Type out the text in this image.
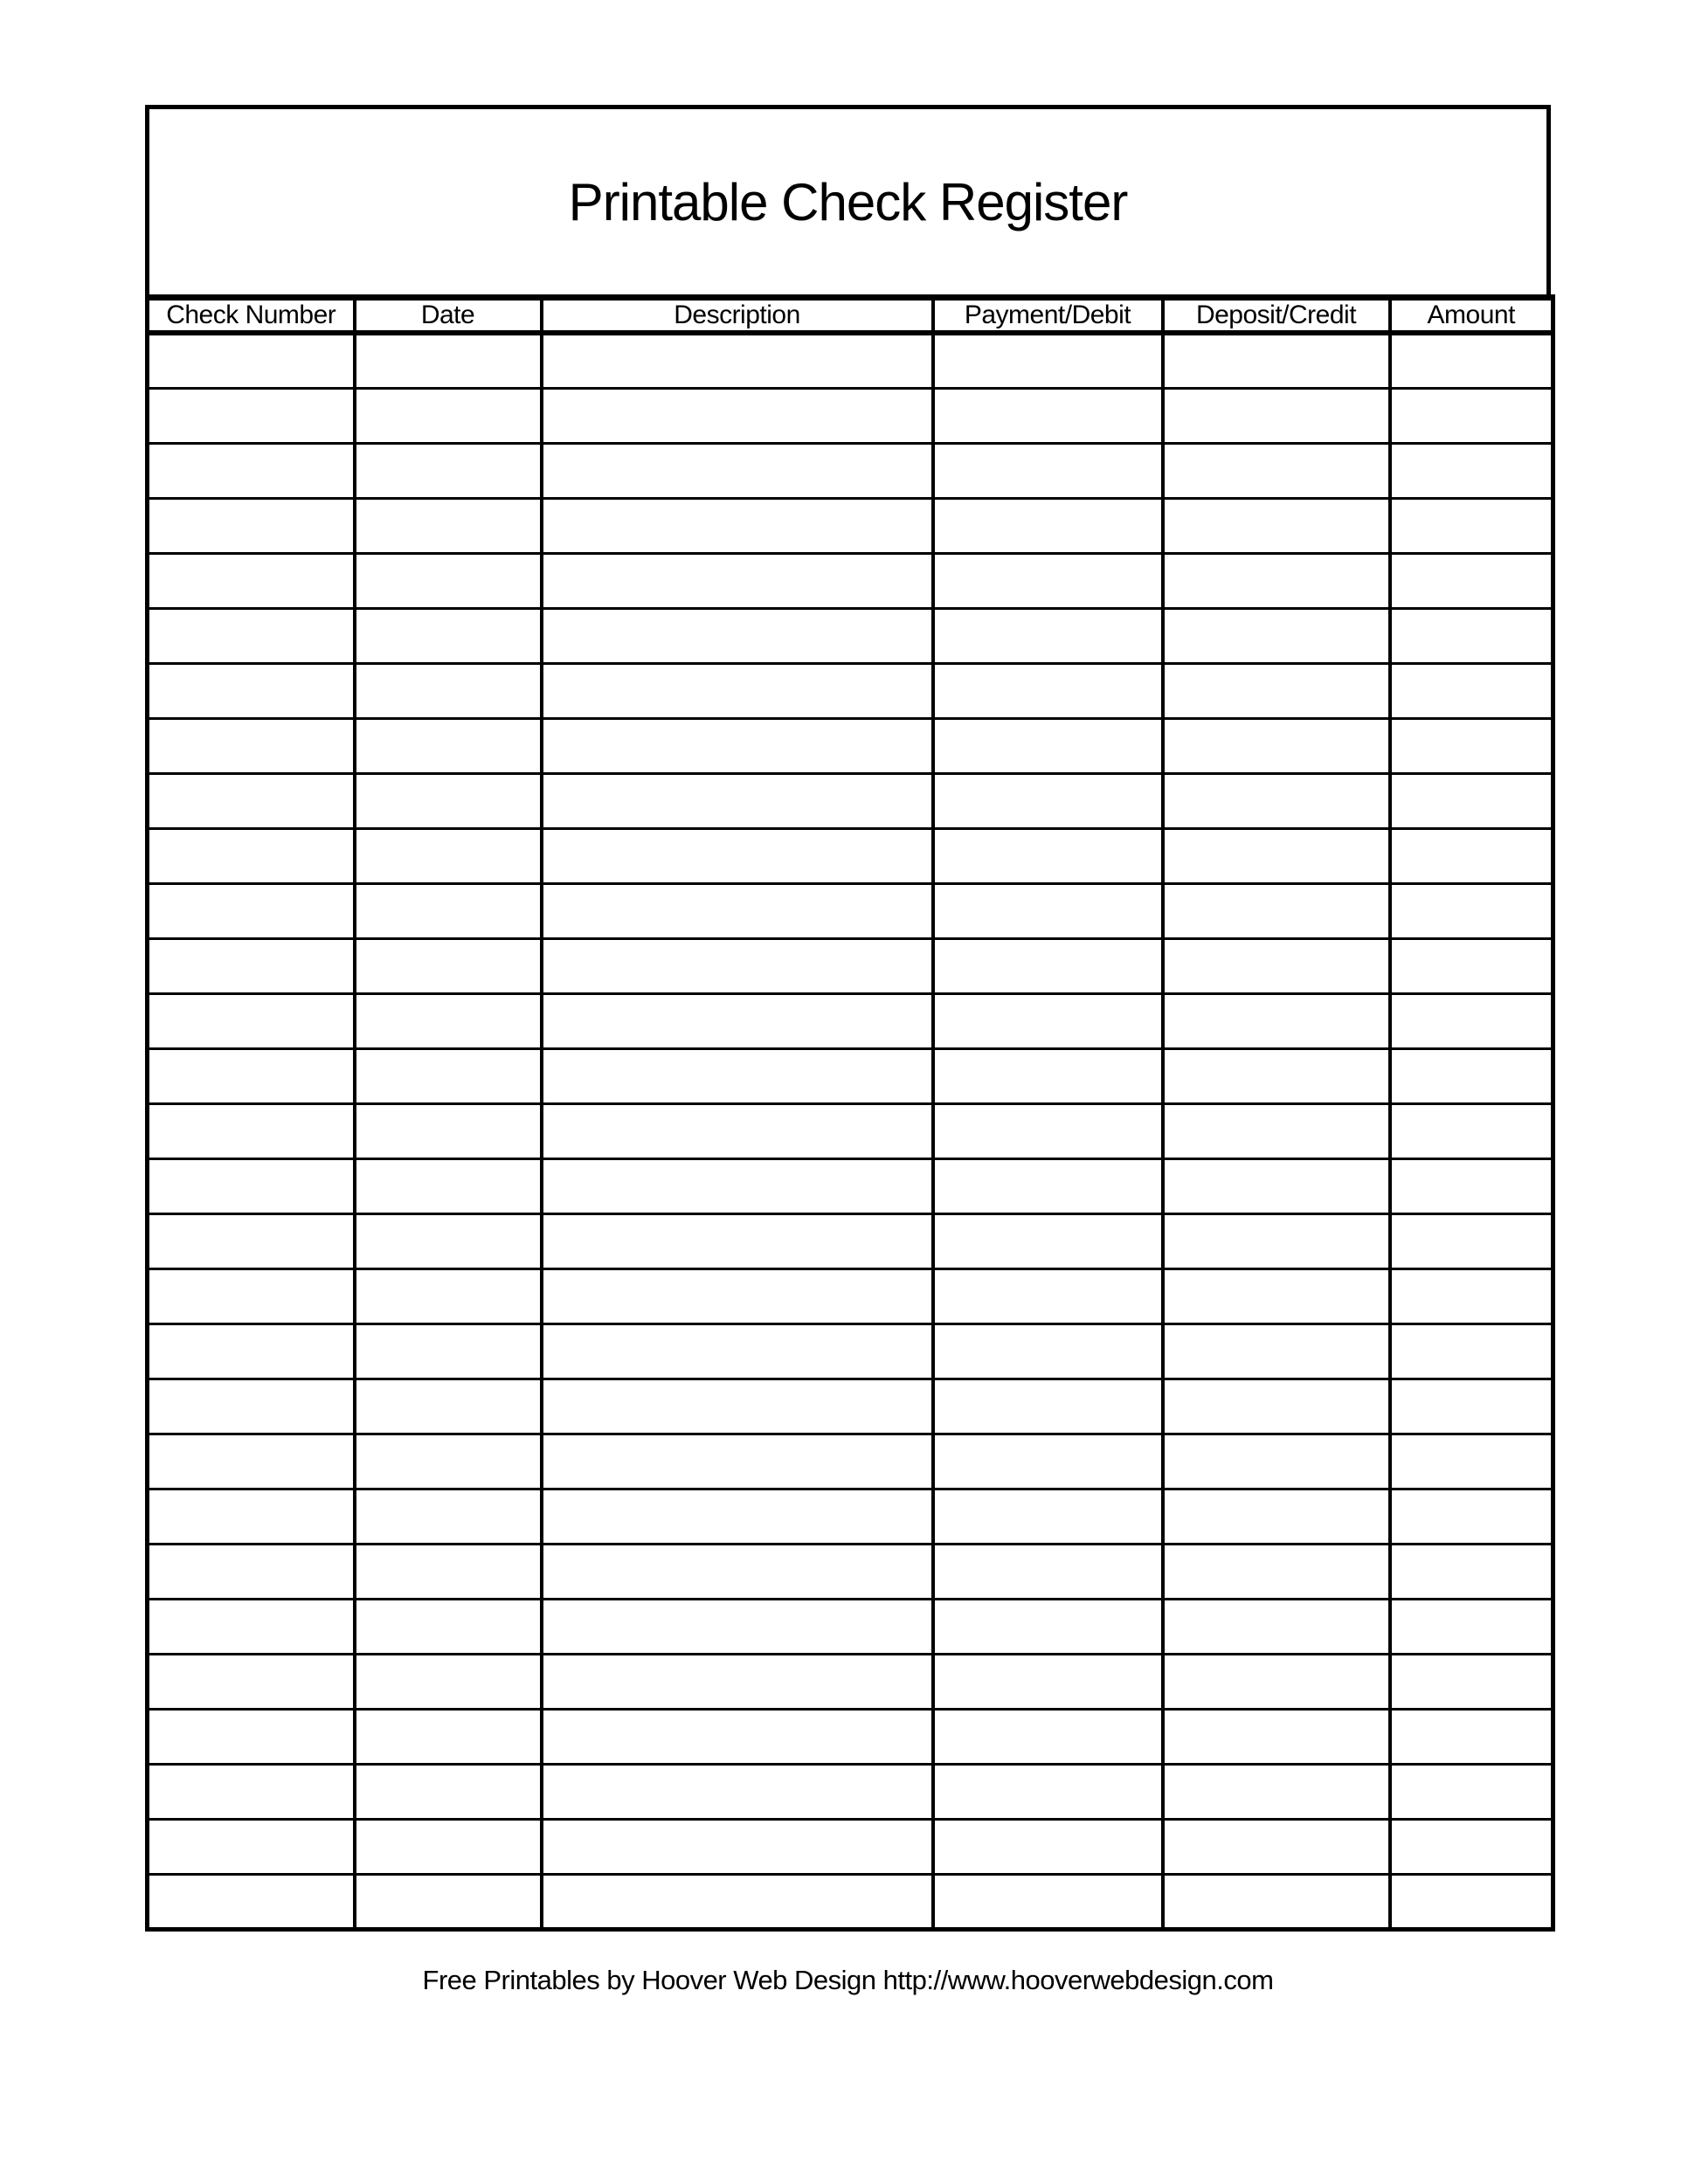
Printable Check Register
Check Number	Date	Description	Payment/Debit	Deposit/Credit	Amount

Free Printables by Hoover Web Design http://www.hooverwebdesign.com
